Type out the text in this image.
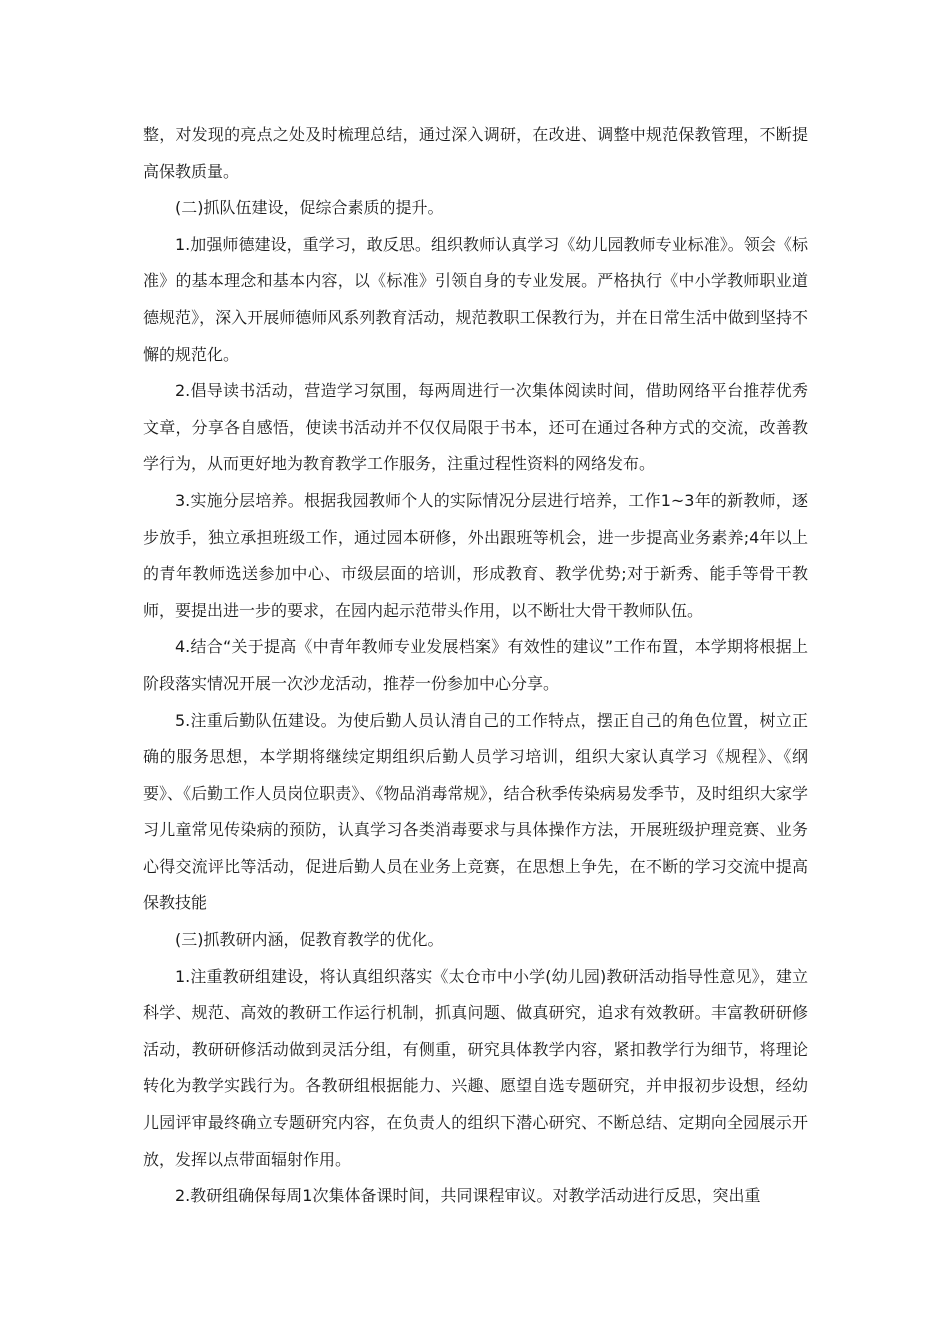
整，对发现的亮点之处及时梳理总结，通过深入调研，在改进、调整中规范保教管理，不断提高保教质量。

(二)抓队伍建设，促综合素质的提升。

1.加强师德建设，重学习，敢反思。组织教师认真学习《幼儿园教师专业标准》。领会《标准》的基本理念和基本内容，以《标准》引领自身的专业发展。严格执行《中小学教师职业道德规范》，深入开展师德师风系列教育活动，规范教职工保教行为，并在日常生活中做到坚持不懈的规范化。

2.倡导读书活动，营造学习氛围，每两周进行一次集体阅读时间，借助网络平台推荐优秀文章，分享各自感悟，使读书活动并不仅仅局限于书本，还可在通过各种方式的交流，改善教学行为，从而更好地为教育教学工作服务，注重过程性资料的网络发布。

3.实施分层培养。根据我园教师个人的实际情况分层进行培养，工作1~3年的新教师，逐步放手，独立承担班级工作，通过园本研修，外出跟班等机会，进一步提高业务素养;4年以上的青年教师选送参加中心、市级层面的培训，形成教育、教学优势;对于新秀、能手等骨干教师，要提出进一步的要求，在园内起示范带头作用，以不断壮大骨干教师队伍。

4.结合“关于提高《中青年教师专业发展档案》有效性的建议”工作布置，本学期将根据上阶段落实情况开展一次沙龙活动，推荐一份参加中心分享。

5.注重后勤队伍建设。为使后勤人员认清自己的工作特点，摆正自己的角色位置，树立正确的服务思想，本学期将继续定期组织后勤人员学习培训，组织大家认真学习《规程》、《纲要》、《后勤工作人员岗位职责》、《物品消毒常规》，结合秋季传染病易发季节，及时组织大家学习儿童常见传染病的预防，认真学习各类消毒要求与具体操作方法，开展班级护理竞赛、业务心得交流评比等活动，促进后勤人员在业务上竞赛，在思想上争先，在不断的学习交流中提高保教技能

(三)抓教研内涵，促教育教学的优化。

1.注重教研组建设，将认真组织落实《太仓市中小学(幼儿园)教研活动指导性意见》，建立科学、规范、高效的教研工作运行机制，抓真问题、做真研究，追求有效教研。丰富教研研修活动，教研研修活动做到灵活分组，有侧重，研究具体教学内容，紧扣教学行为细节，将理论转化为教学实践行为。各教研组根据能力、兴趣、愿望自选专题研究，并申报初步设想，经幼儿园评审最终确立专题研究内容，在负责人的组织下潜心研究、不断总结、定期向全园展示开放，发挥以点带面辐射作用。

2.教研组确保每周1次集体备课时间，共同课程审议。对教学活动进行反思，突出重
